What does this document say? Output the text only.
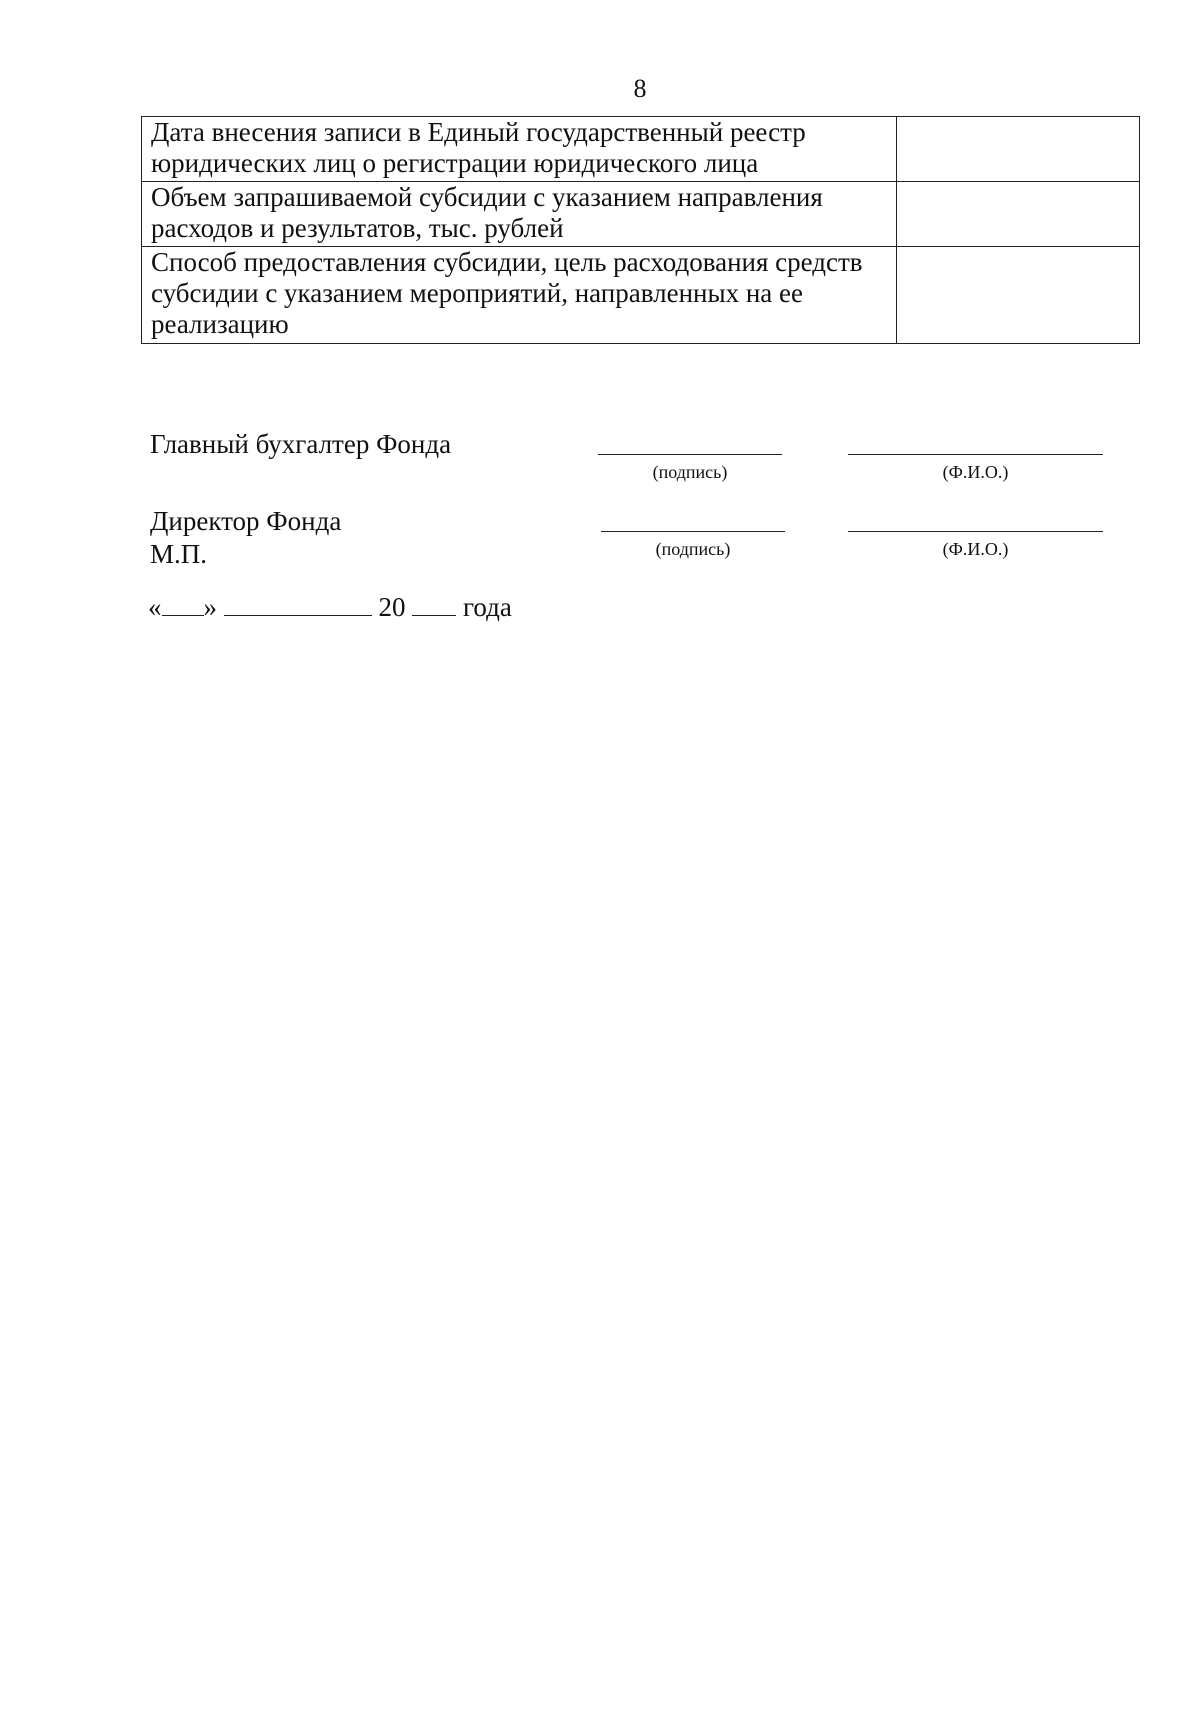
8
Дата внесения записи в Единый государственный реестр юридических лиц о регистрации юридического лица	
Объем запрашиваемой субсидии с указанием направления расходов и результатов, тыс. рублей	
Способ предоставления субсидии, цель расходования средств субсидии с указанием мероприятий, направленных на ее реализацию	
Главный бухгалтер Фонда
(подпись)	(Ф.И.О.)
Директор Фонда
М.П.	(подпись)	(Ф.И.О.)
« »	20 года
